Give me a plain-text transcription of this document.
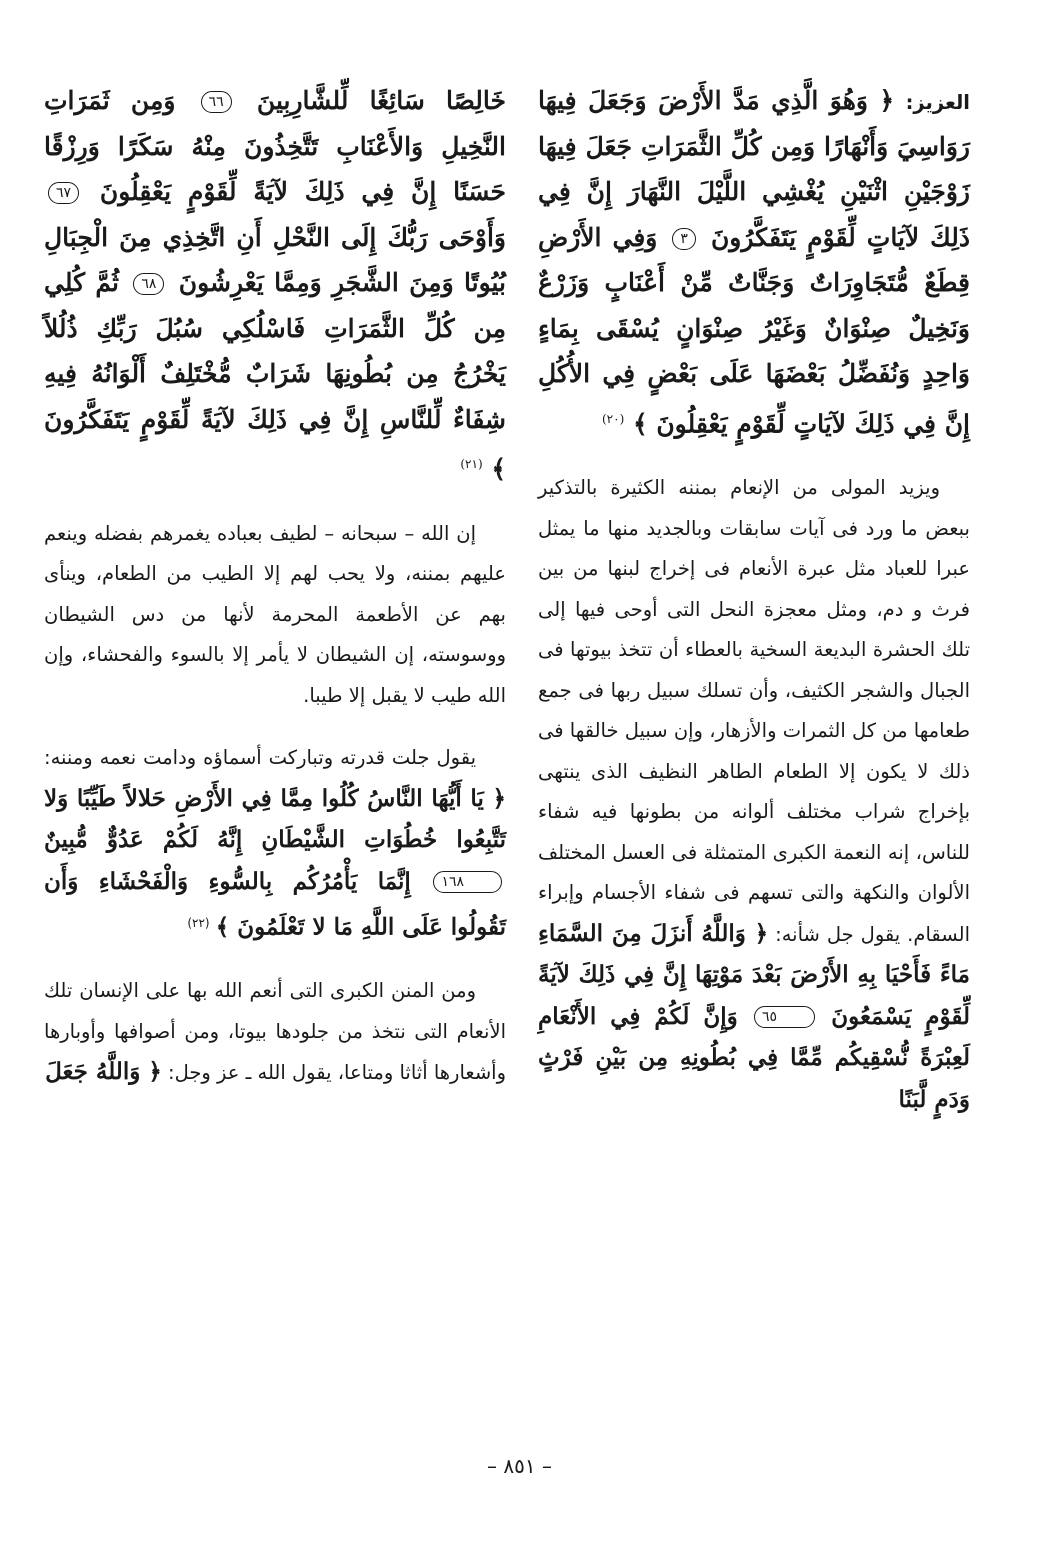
العزيز: ﴿ وَهُوَ الَّذِي مَدَّ الأَرْضَ وَجَعَلَ فِيهَا رَوَاسِيَ وَأَنْهَارًا وَمِن كُلِّ الثَّمَرَاتِ جَعَلَ فِيهَا زَوْجَيْنِ اثْنَيْنِ يُغْشِي اللَّيْلَ النَّهَارَ إِنَّ فِي ذَلِكَ لآيَاتٍ لِّقَوْمٍ يَتَفَكَّرُونَ ٣ وَفِي الأَرْضِ قِطَعٌ مُّتَجَاوِرَاتٌ وَجَنَّاتٌ مِّنْ أَعْنَابٍ وَزَرْعٌ وَنَخِيلٌ صِنْوَانٌ وَغَيْرُ صِنْوَانٍ يُسْقَى بِمَاءٍ وَاحِدٍ وَنُفَضِّلُ بَعْضَهَا عَلَى بَعْضٍ فِي الأُكُلِ إِنَّ فِي ذَلِكَ لآيَاتٍ لِّقَوْمٍ يَعْقِلُونَ ﴾ $^{(٢٠)}$

ويزيد المولى من الإنعام بمننه الكثيرة بالتذكير ببعض ما ورد فى آيات سابقات وبالجديد منها ما يمثل عبرا للعباد مثل عبرة الأنعام فى إخراج لبنها من بين فرث و دم، ومثل معجزة النحل التى أوحى فيها إلى تلك الحشرة البديعة السخية بالعطاء أن تتخذ بيوتها فى الجبال والشجر الكثيف، وأن تسلك سبيل ربها فى جمع طعامها من كل الثمرات والأزهار، وإن سبيل خالقها فى ذلك لا يكون إلا الطعام الطاهر النظيف الذى ينتهى بإخراج شراب مختلف ألوانه من بطونها فيه شفاء للناس، إنه النعمة الكبرى المتمثلة فى العسل المختلف الألوان والنكهة والتى تسهم فى شفاء الأجسام وإبراء السقام. يقول جل شأنه: ﴿ وَاللَّهُ أَنزَلَ مِنَ السَّمَاءِ مَاءً فَأَحْيَا بِهِ الأَرْضَ بَعْدَ مَوْتِهَا إِنَّ فِي ذَلِكَ لآيَةً لِّقَوْمٍ يَسْمَعُونَ ٦٥ وَإِنَّ لَكُمْ فِي الأَنْعَامِ لَعِبْرَةً نُّسْقِيكُم مِّمَّا فِي بُطُونِهِ مِن بَيْنِ فَرْثٍ وَدَمٍ لَّبَنًا

خَالِصًا سَائِغًا لِّلشَّارِبِينَ ٦٦ وَمِن ثَمَرَاتِ النَّخِيلِ وَالأَعْنَابِ تَتَّخِذُونَ مِنْهُ سَكَرًا وَرِزْقًا حَسَنًا إِنَّ فِي ذَلِكَ لآيَةً لِّقَوْمٍ يَعْقِلُونَ ٦٧ وَأَوْحَى رَبُّكَ إِلَى النَّحْلِ أَنِ اتَّخِذِي مِنَ الْجِبَالِ بُيُوتًا وَمِنَ الشَّجَرِ وَمِمَّا يَعْرِشُونَ ٦٨ ثُمَّ كُلِي مِن كُلِّ الثَّمَرَاتِ فَاسْلُكِي سُبُلَ رَبِّكِ ذُلُلاً يَخْرُجُ مِن بُطُونِهَا شَرَابٌ مُّخْتَلِفٌ أَلْوَانُهُ فِيهِ شِفَاءٌ لِّلنَّاسِ إِنَّ فِي ذَلِكَ لآيَةً لِّقَوْمٍ يَتَفَكَّرُونَ ﴾ $^{(٢١)}$

إن الله – سبحانه – لطيف بعباده يغمرهم بفضله وينعم عليهم بمننه، ولا يحب لهم إلا الطيب من الطعام، وينأى بهم عن الأطعمة المحرمة لأنها من دس الشيطان ووسوسته، إن الشيطان لا يأمر إلا بالسوء والفحشاء، وإن الله طيب لا يقبل إلا طيبا.

يقول جلت قدرته وتباركت أسماؤه ودامت نعمه ومننه: ﴿ يَا أَيُّهَا النَّاسُ كُلُوا مِمَّا فِي الأَرْضِ حَلالاً طَيِّبًا وَلا تَتَّبِعُوا خُطُوَاتِ الشَّيْطَانِ إِنَّهُ لَكُمْ عَدُوٌّ مُّبِينٌ ١٦٨ إِنَّمَا يَأْمُرُكُم بِالسُّوءِ وَالْفَحْشَاءِ وَأَن تَقُولُوا عَلَى اللَّهِ مَا لا تَعْلَمُونَ ﴾ $^{(٢٢)}$

ومن المنن الكبرى التى أنعم الله بها على الإنسان تلك الأنعام التى نتخذ من جلودها بيوتا، ومن أصوافها وأوبارها وأشعارها أثاثا ومتاعا، يقول الله ـ عز وجل: ﴿ وَاللَّهُ جَعَلَ

– ٨٥١ –
